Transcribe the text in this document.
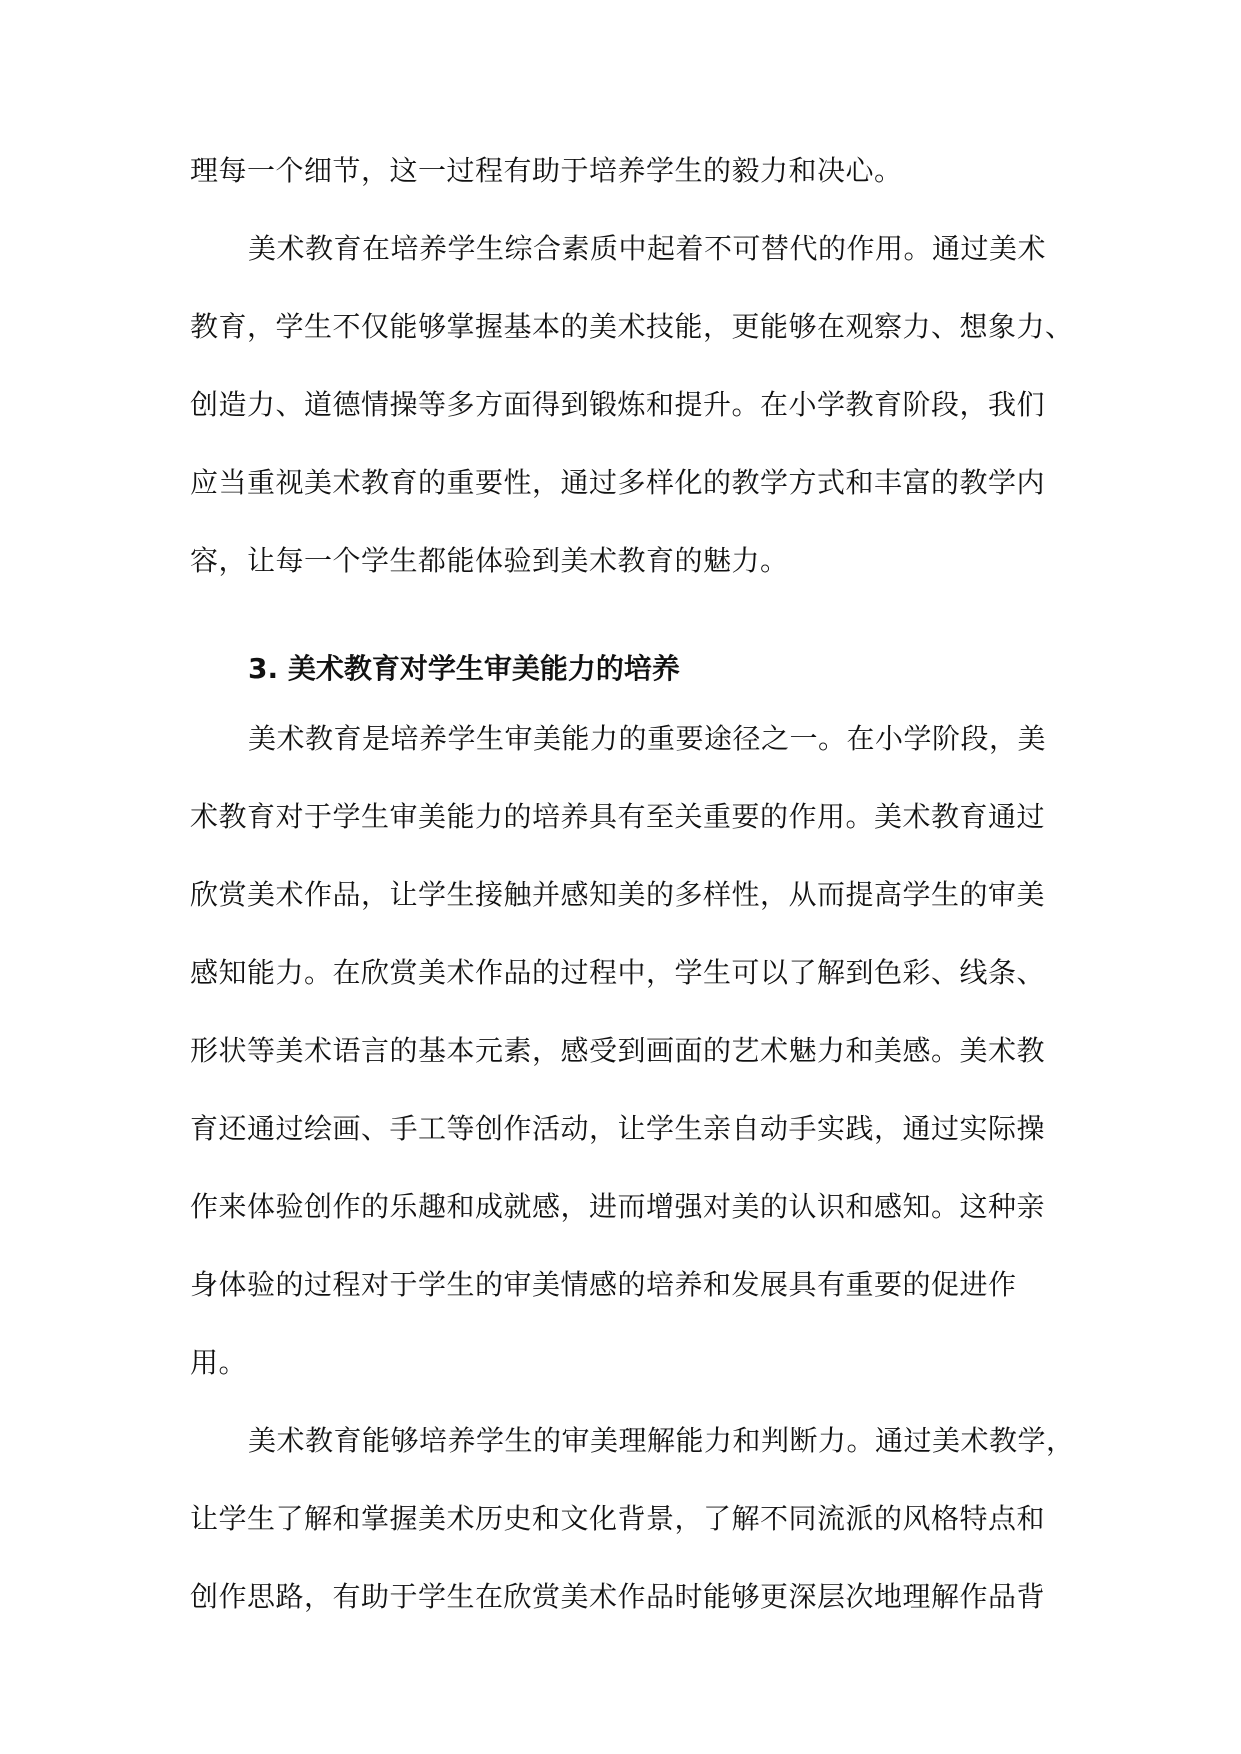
理每一个细节，这一过程有助于培养学生的毅力和决心。
美术教育在培养学生综合素质中起着不可替代的作用。通过美术
教育，学生不仅能够掌握基本的美术技能，更能够在观察力、想象力、
创造力、道德情操等多方面得到锻炼和提升。在小学教育阶段，我们
应当重视美术教育的重要性，通过多样化的教学方式和丰富的教学内
容，让每一个学生都能体验到美术教育的魅力。
3. 美术教育对学生审美能力的培养
美术教育是培养学生审美能力的重要途径之一。在小学阶段，美
术教育对于学生审美能力的培养具有至关重要的作用。美术教育通过
欣赏美术作品，让学生接触并感知美的多样性，从而提高学生的审美
感知能力。在欣赏美术作品的过程中，学生可以了解到色彩、线条、
形状等美术语言的基本元素，感受到画面的艺术魅力和美感。美术教
育还通过绘画、手工等创作活动，让学生亲自动手实践，通过实际操
作来体验创作的乐趣和成就感，进而增强对美的认识和感知。这种亲
身体验的过程对于学生的审美情感的培养和发展具有重要的促进作
用。
美术教育能够培养学生的审美理解能力和判断力。通过美术教学，
让学生了解和掌握美术历史和文化背景，了解不同流派的风格特点和
创作思路，有助于学生在欣赏美术作品时能够更深层次地理解作品背
